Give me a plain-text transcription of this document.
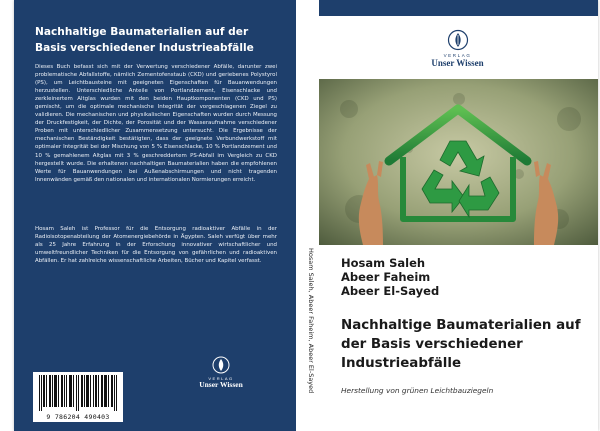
Nachhaltige Baumaterialien auf der Basis verschiedener Industrieabfälle

Dieses Buch befasst sich mit der Verwertung verschiedener Abfälle, darunter zwei problematische Abfallstoffe, nämlich Zementofenstaub (CKD) und geriebenes Polystyrol (PS), um Leichtbausteine mit geeigneten Eigenschaften für Bauanwendungen herzustellen. Unterschiedliche Anteile von Portlandzement, Eisenschlacke und zerkleinertem Altglas wurden mit den beiden Hauptkomponenten (CKD und PS) gemischt, um die optimale mechanische Integrität der vorgeschlagenen Ziegel zu validieren. Die mechanischen und physikalischen Eigenschaften wurden durch Messung der Druckfestigkeit, der Dichte, der Porosität und der Wasseraufnahme verschiedener Proben mit unterschiedlicher Zusammensetzung untersucht. Die Ergebnisse der mechanischen Beständigkeit bestätigten, dass der geeignete Verbundwerkstoff mit optimaler Integrität bei der Mischung von 5 % Eisenschlacke, 10 % Portlandzement und 10 % gemahlenem Altglas mit 3 % geschreddertem PS-Abfall im Vergleich zu CKD hergestellt wurde. Die erhaltenen nachhaltigen Baumaterialien haben die empfohlenen Werte für Bauanwendungen bei Außenabschirmungen und nicht tragenden Innenwänden gemäß den nationalen und internationalen Normierungen erreicht.

Hosam Saleh ist Professor für die Entsorgung radioaktiver Abfälle in der Radioisotopenabteilung der Atomenergiebehörde in Ägypten. Saleh verfügt über mehr als 25 Jahre Erfahrung in der Erforschung innovativer wirtschaftlicher und umweltfreundlicher Techniken für die Entsorgung von gefährlichen und radioaktiven Abfällen. Er hat zahlreiche wissenschaftliche Arbeiten, Bücher und Kapitel verfasst.
9 786204 490403
VERLAG
Unser Wissen	Hosam Saleh, Abeer Faheim, Abeer El-Sayed
VERLAG
Unser Wissen
Hosam Saleh
Abeer Faheim
Abeer El-Sayed
Nachhaltige Baumaterialien auf der Basis verschiedener Industrieabfälle
Herstellung von grünen Leichtbauziegeln
